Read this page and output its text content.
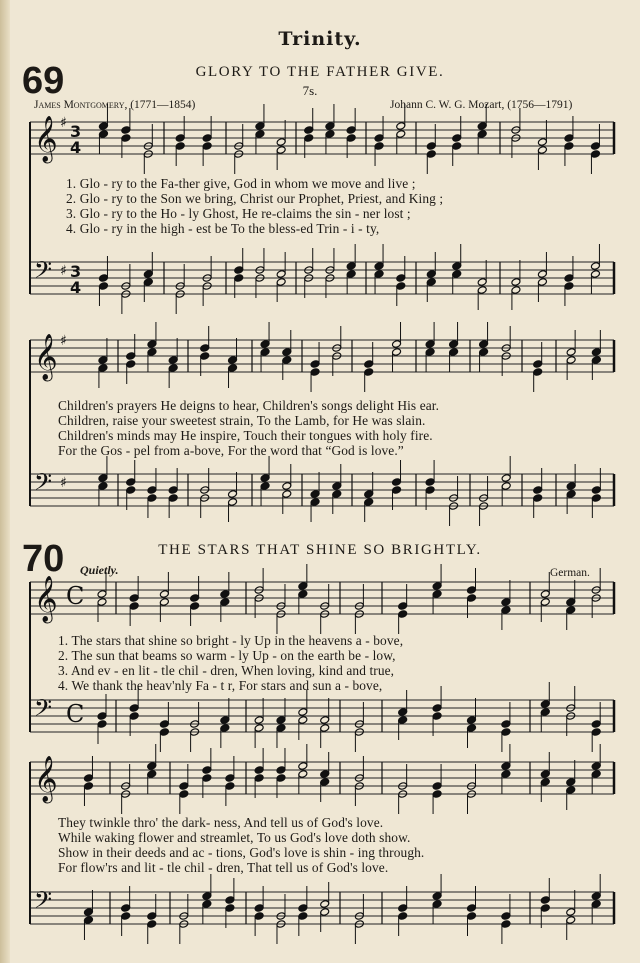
Trinity.
69	GLORY TO THE FATHER GIVE.
7s.
James Montgomery, (1771—1854)	Johann C. W. G. Mozart, (1756—1791)
1. Glo - ry to the Fa-ther give, God in whom we move and live ;
2. Glo - ry to the Son we bring, Christ our Prophet, Priest, and King ;
3. Glo - ry to the Ho - ly Ghost, He re-claims the sin - ner lost ;
4. Glo - ry in the high - est be To the bless-ed Trin - i - ty,
Children's prayers He deigns to hear, Children's songs delight His ear.
Children, raise your sweetest strain, To the Lamb, for He was slain.
Children's minds may He inspire, Touch their tongues with holy fire.
For the Gos - pel from a-bove, For the word that “God is love.”
70	THE STARS THAT SHINE SO BRIGHTLY.
Quietly.	German.
1. The stars that shine so bright - ly Up in the heavens a - bove,
2. The sun that beams so warm - ly Up - on the earth be - low,
3. And ev - en lit - tle chil - dren, When loving, kind and true,
4. We thank the heav'nly Fa - t r, For stars and sun a - bove,
They twinkle thro' the dark- ness, And tell us of God's love.
While waking flower and streamlet, To us God's love doth show.
Show in their deeds and ac - tions, God's love is shin - ing through.
For flow'rs and lit - tle chil - dren, That tell us of God's love.
𝄞 ♯ 3
4
𝄢 ♯ 3
4
𝄞 ♯
𝄢 ♯
𝄞 C
𝄢 C
𝄞
𝄢
